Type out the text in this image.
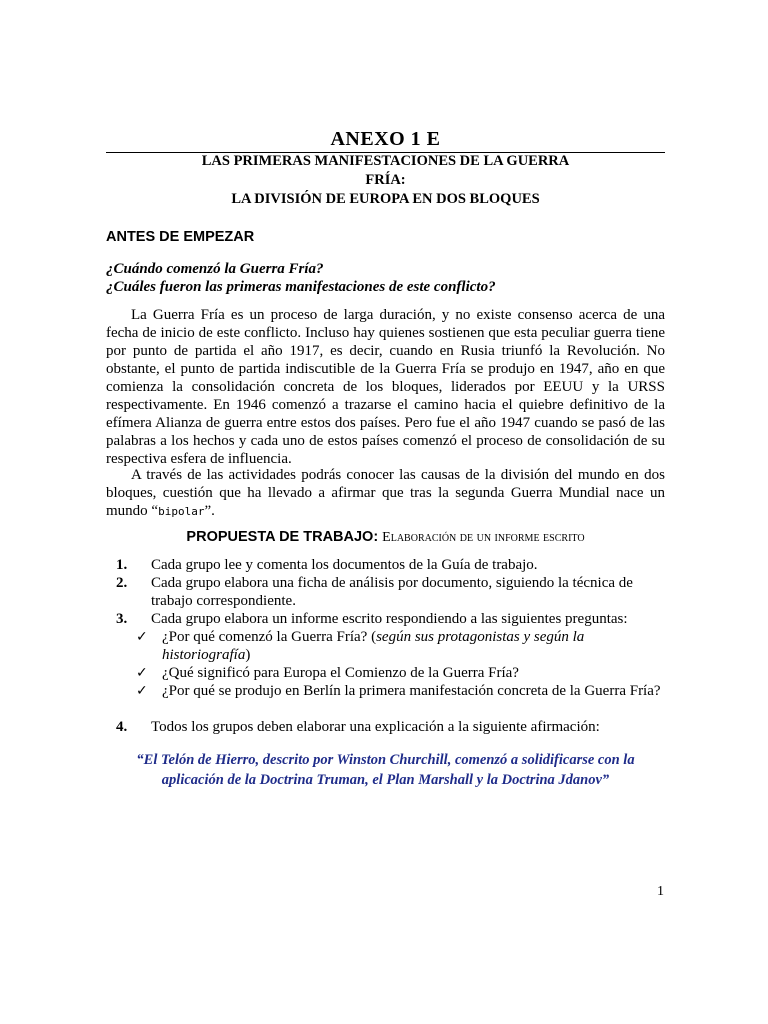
ANEXO 1 E
LAS PRIMERAS MANIFESTACIONES DE LA GUERRA
FRÍA:
LA DIVISIÓN DE EUROPA EN DOS BLOQUES
ANTES DE EMPEZAR
¿Cuándo comenzó la Guerra Fría?
¿Cuáles fueron las primeras manifestaciones de este conflicto?
La Guerra Fría es un proceso de larga duración, y no existe consenso acerca de una fecha de inicio de este conflicto. Incluso hay quienes sostienen que esta peculiar guerra tiene por punto de partida el año 1917, es decir, cuando en Rusia triunfó la Revolución. No obstante, el punto de partida indiscutible de la Guerra Fría se produjo en 1947, año en que comienza la consolidación concreta de los bloques, liderados por EEUU y la URSS respectivamente. En 1946 comenzó a trazarse el camino hacia el quiebre definitivo de la efímera Alianza de guerra entre estos dos países. Pero fue el año 1947 cuando se pasó de las palabras a los hechos y cada uno de estos países comenzó el proceso de consolidación de su respectiva esfera de influencia.
A través de las actividades podrás conocer las causas de la división del mundo en dos bloques, cuestión que ha llevado a afirmar que tras la segunda Guerra Mundial nace un mundo “bipolar”.
PROPUESTA DE TRABAJO: Elaboración de un informe escrito
1. Cada grupo lee y comenta los documentos de la Guía de trabajo.
2. Cada grupo elabora una ficha de análisis por documento, siguiendo la técnica de trabajo correspondiente.
3. Cada grupo elabora un informe escrito respondiendo a las siguientes preguntas:
✓ ¿Por qué comenzó la Guerra Fría? (según sus protagonistas y según la historiografía)
✓ ¿Qué significó para Europa el Comienzo de la Guerra Fría?
✓ ¿Por qué se produjo en Berlín la primera manifestación concreta de la Guerra Fría?
4. Todos los grupos deben elaborar una explicación a la siguiente afirmación:
“El Telón de Hierro, descrito por Winston Churchill, comenzó a solidificarse con la
aplicación de la Doctrina Truman, el Plan Marshall y la Doctrina Jdanov”
1
